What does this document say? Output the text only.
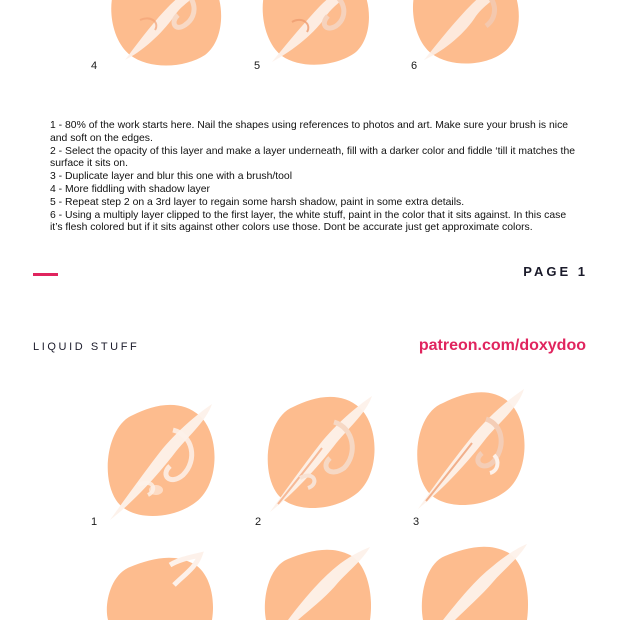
4	5	6

1 - 80% of the work starts here. Nail the shapes using references to photos and art. Make sure your brush is nice and soft on the edges.

2 - Select the opacity of this layer and make a layer underneath, fill with a darker color and fiddle ‘till it matches the surface it sits on.

3 - Duplicate layer and blur this one with a brush/tool

4 - More fiddling with shadow layer

5 - Repeat step 2 on a 3rd layer to regain some harsh shadow, paint in some extra details.

6 - Using a multiply layer clipped to the first layer, the white stuff, paint in the color that it sits against. In this case it’s flesh colored but if it sits against other colors use those. Dont be accurate just get approximate colors.

PAGE 1
LIQUID STUFF	patreon.com/doxydoo
1	2	3
